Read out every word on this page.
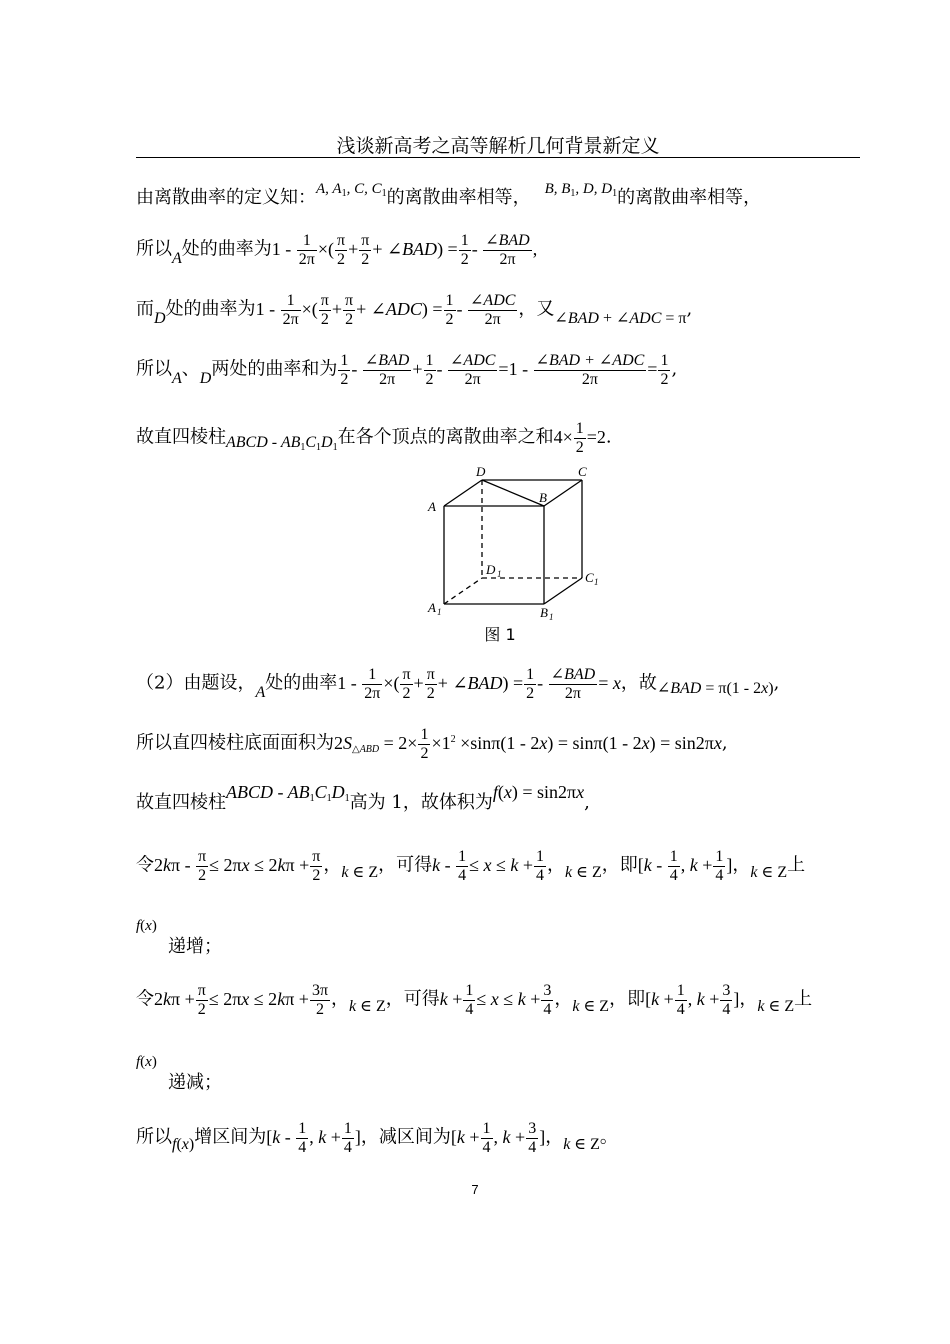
浅谈新高考之高等解析几何背景新定义
由离散曲率的定义知：$^{A, A_1, C, C_1}$的离散曲率相等， $^{B, B_1, D, D_1}$的离散曲率相等，
所以A处的曲率为$1 - \frac{1}{2\pi}$ ×( $\frac{\pi}{2} + \frac{\pi}{2}$ + ∠BAD) = $\frac{1}{2} - \frac{\text{∠BAD}}{2\pi}$ ,
而D处的曲率为$1 - \frac{1}{2\pi}$ ×( $\frac{\pi}{2} + \frac{\pi}{2}$ + ∠ADC) = $\frac{1}{2} - \frac{\text{∠ADC}}{2\pi}$ ，又∠BAD + ∠ADC = π,
所以A、D两处的曲率和为 $\frac{1}{2} - \frac{\text{∠BAD}}{2\pi} + \frac{1}{2} - \frac{\text{∠ADC}}{2\pi} =1 - \frac{\text{∠BAD + ∠ADC}}{2\pi} = \frac{1}{2}$ ,
故直四棱柱ABCD - $AB_1C_1D_1$在各个顶点的离散曲率之和$4\times \frac{1}{2} =2$.
D	C
B
A
D 1	C 1
A 1	B 1
图 1
（2）由题设，A处的曲率$1 - \frac{1}{2\pi}$ ×( $\frac{\pi}{2} + \frac{\pi}{2}$ + ∠BAD) = $\frac{1}{2} - \frac{\text{∠BAD}}{2\pi} = x$，故∠BAD = π(1 - 2x),
所以直四棱柱底面面积为$2S_{\triangle ABD} = 2\times \frac{1}{2} \times 1^2 \times\sin\pi(1 - 2x) = \sin\pi(1 - 2x) = \sin 2\pi x$,
故直四棱柱ABCD - $AB_1C_1D_1$高为 1，故体积为f(x) = sin2πx,
令$2k\pi - \frac{\pi}{2} \le 2\pi x \le 2k\pi + \frac{\pi}{2}$ ，k ∈ Z，可得$k - \frac{1}{4} \le x \le k + \frac{1}{4}$ ，k ∈ Z，即[$k - \frac{1}{4}$ , $k + \frac{1}{4}$ ]，k ∈ Z上
f(x)
递增；
令$2k\pi + \frac{\pi}{2} \le 2\pi x \le 2k\pi + \frac{3\pi}{2}$ ，k ∈ Z，可得$k + \frac{1}{4} \le x \le k + \frac{3}{4}$ ，k ∈ Z，即[$k + \frac{1}{4}$ , $k + \frac{3}{4}$ ]，k ∈ Z上
f(x)
递减；
所以f(x)增区间为[$k - \frac{1}{4}$ , $k + \frac{1}{4}$ ]，减区间为[$k + \frac{1}{4}$ , $k + \frac{3}{4}$ ]，k ∈ Z。
7
